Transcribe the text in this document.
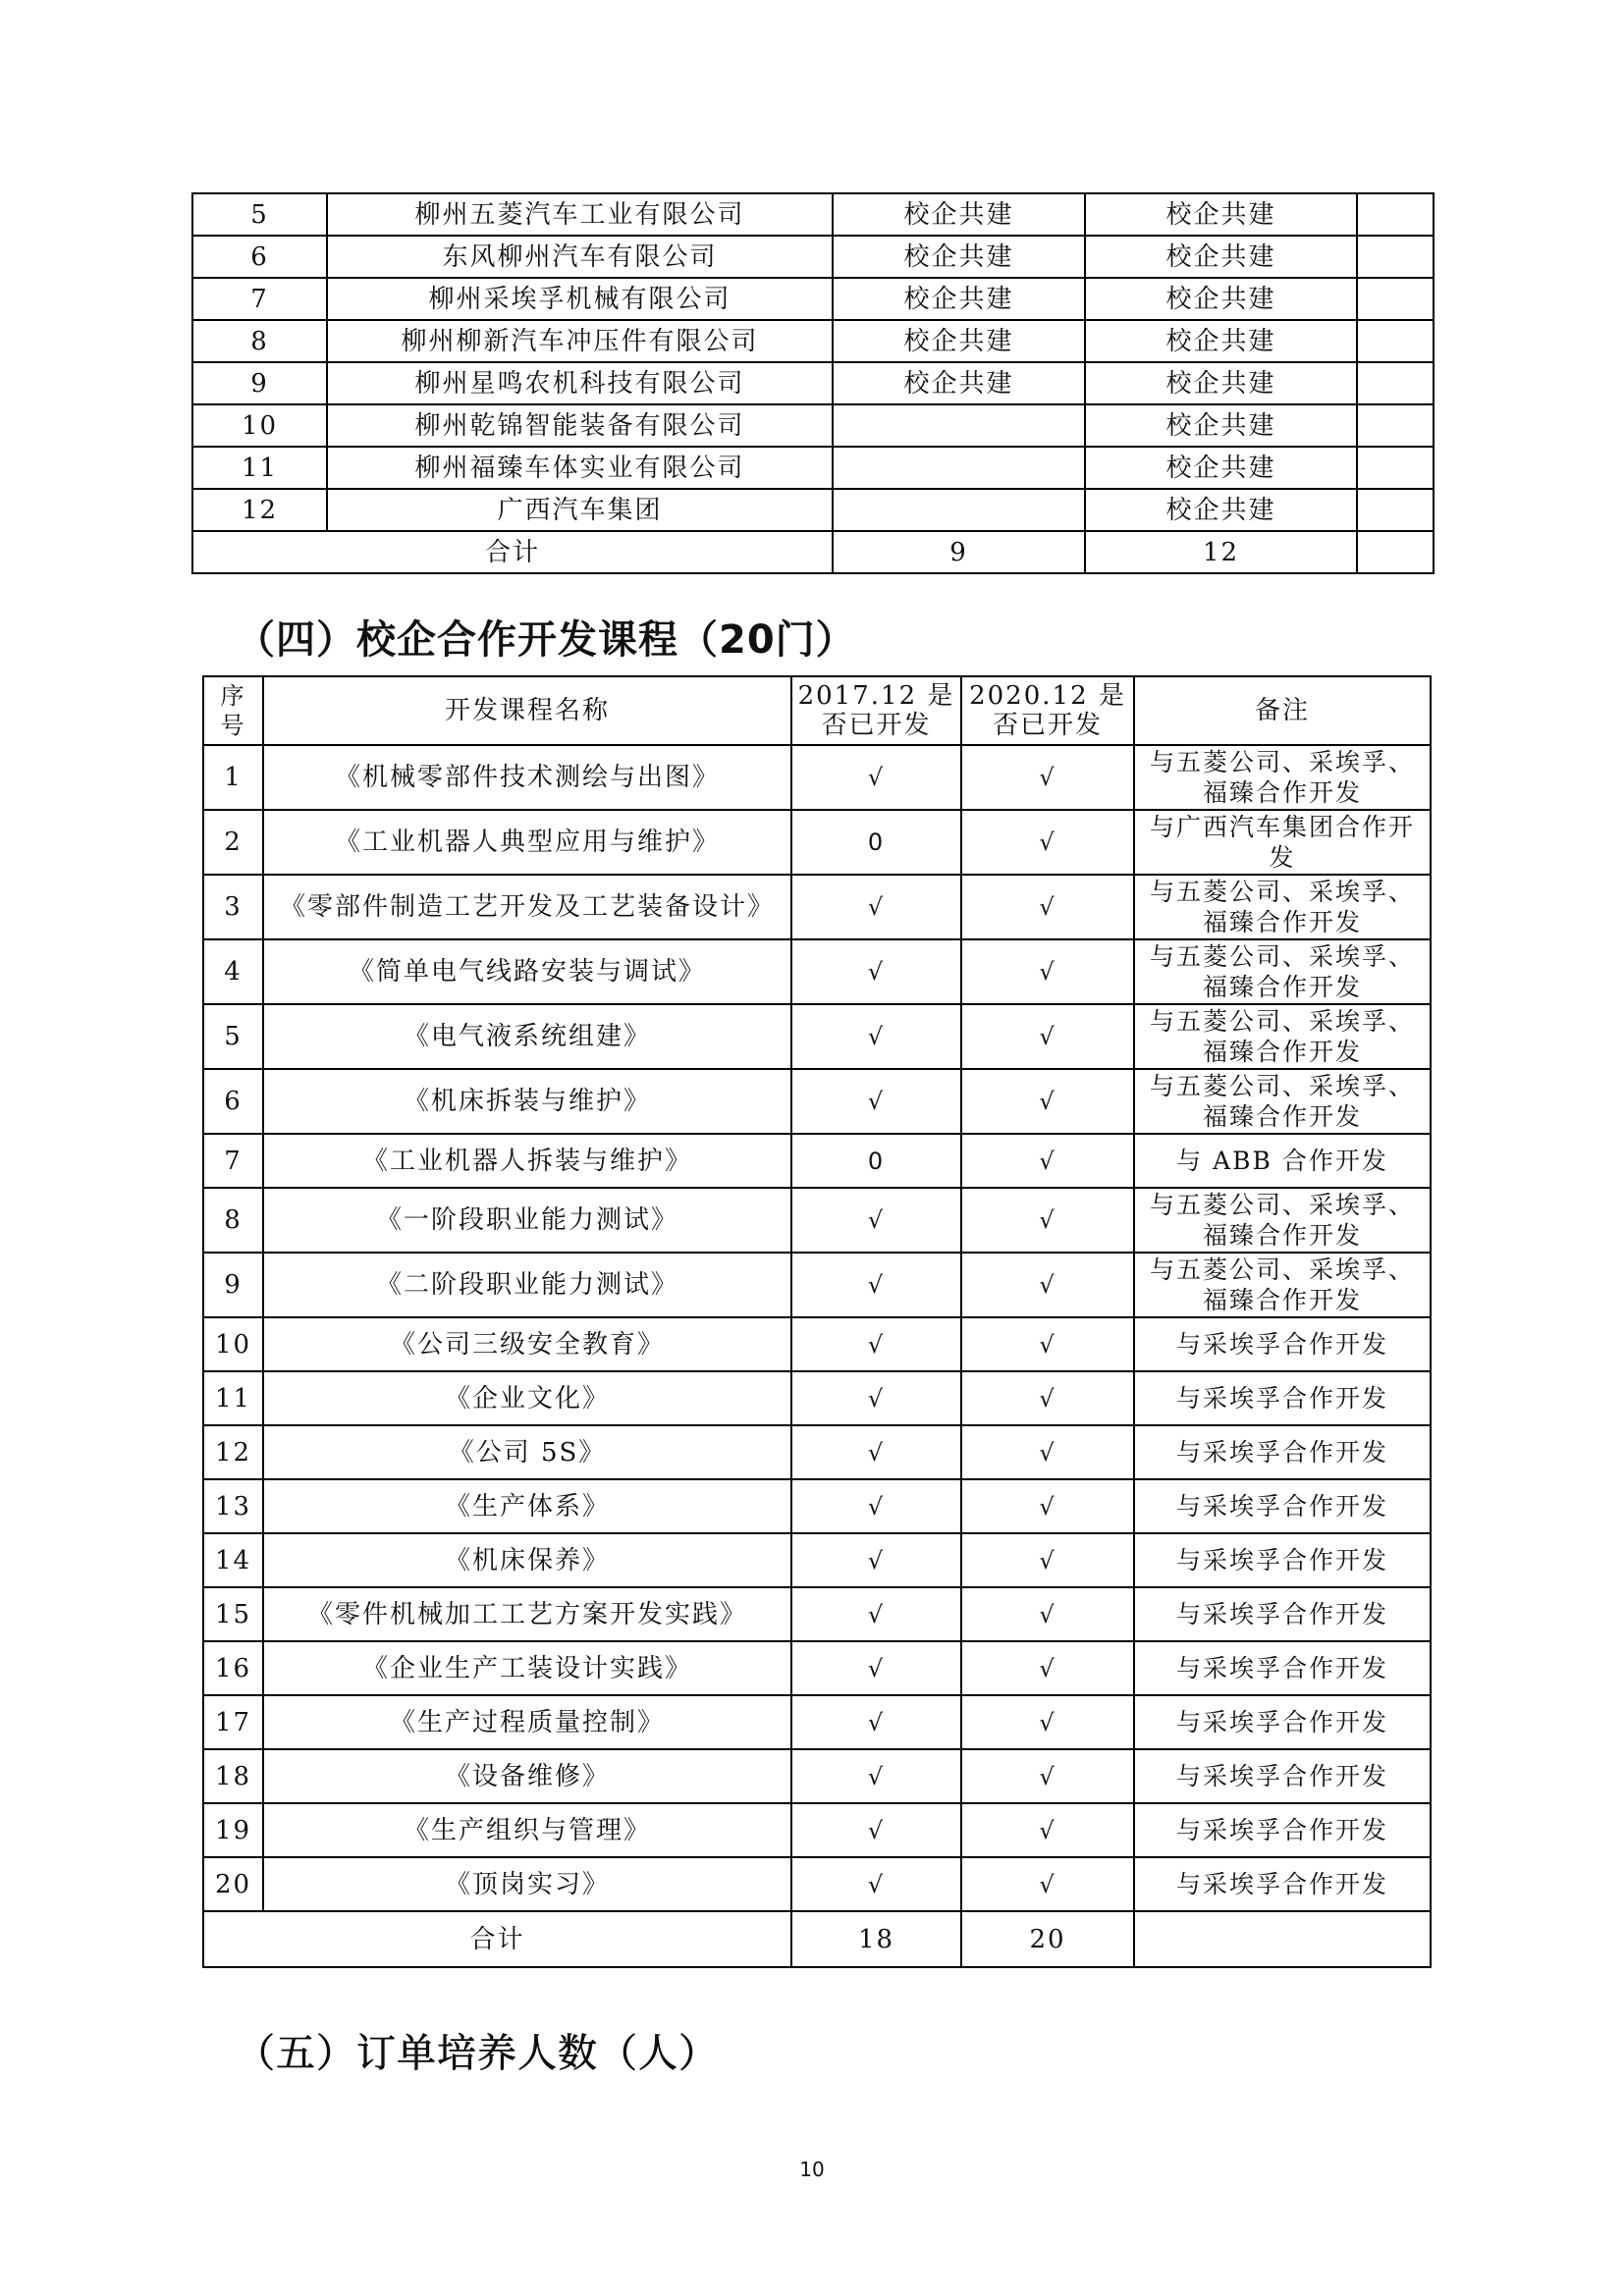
5	柳州五菱汽车工业有限公司	校企共建	校企共建	
6	东风柳州汽车有限公司	校企共建	校企共建	
7	柳州采埃孚机械有限公司	校企共建	校企共建	
8	柳州柳新汽车冲压件有限公司	校企共建	校企共建	
9	柳州星鸣农机科技有限公司	校企共建	校企共建	
10	柳州乾锦智能装备有限公司		校企共建	
11	柳州福臻车体实业有限公司		校企共建	
12	广西汽车集团		校企共建	
合计		9	12	
（四）校企合作开发课程（20门）
序号	开发课程名称	2017.12 是否已开发	2020.12 是否已开发	备注
1	《机械零部件技术测绘与出图》	√	√	与五菱公司、采埃孚、福臻合作开发
2	《工业机器人典型应用与维护》	0	√	与广西汽车集团合作开发
3	《零部件制造工艺开发及工艺装备设计》	√	√	与五菱公司、采埃孚、福臻合作开发
4	《简单电气线路安装与调试》	√	√	与五菱公司、采埃孚、福臻合作开发
5	《电气液系统组建》	√	√	与五菱公司、采埃孚、福臻合作开发
6	《机床拆装与维护》	√	√	与五菱公司、采埃孚、福臻合作开发
7	《工业机器人拆装与维护》	0	√	与 ABB 合作开发
8	《一阶段职业能力测试》	√	√	与五菱公司、采埃孚、福臻合作开发
9	《二阶段职业能力测试》	√	√	与五菱公司、采埃孚、福臻合作开发
10	《公司三级安全教育》	√	√	与采埃孚合作开发
11	《企业文化》	√	√	与采埃孚合作开发
12	《公司 5S》	√	√	与采埃孚合作开发
13	《生产体系》	√	√	与采埃孚合作开发
14	《机床保养》	√	√	与采埃孚合作开发
15	《零件机械加工工艺方案开发实践》	√	√	与采埃孚合作开发
16	《企业生产工装设计实践》	√	√	与采埃孚合作开发
17	《生产过程质量控制》	√	√	与采埃孚合作开发
18	《设备维修》	√	√	与采埃孚合作开发
19	《生产组织与管理》	√	√	与采埃孚合作开发
20	《顶岗实习》	√	√	与采埃孚合作开发
合计		18	20	
（五）订单培养人数（人）
10
